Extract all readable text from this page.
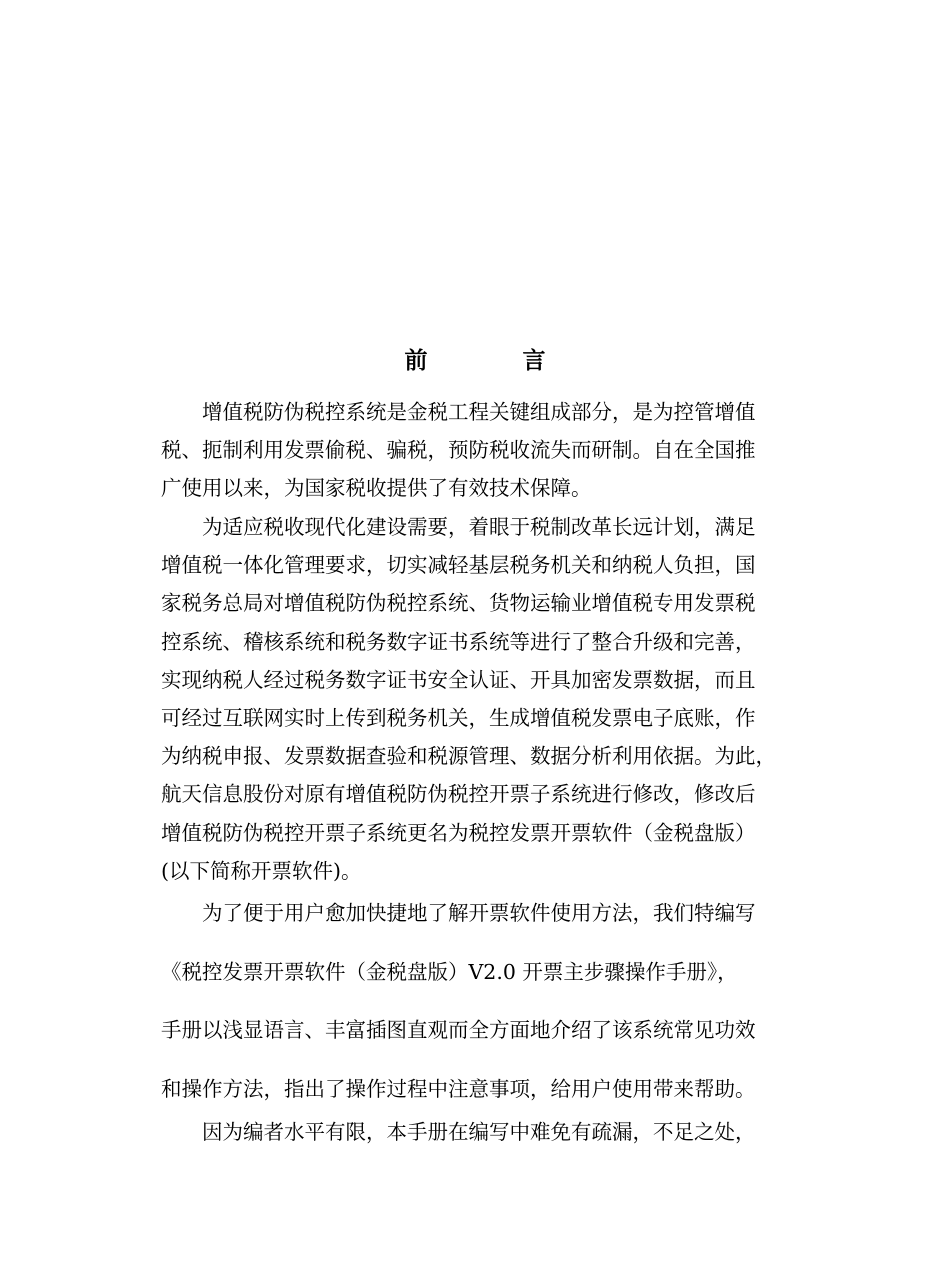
前　言
增值税防伪税控系统是金税工程关键组成部分，是为控管增值
税、扼制利用发票偷税、骗税，预防税收流失而研制。自在全国推
广使用以来，为国家税收提供了有效技术保障。
为适应税收现代化建设需要，着眼于税制改革长远计划，满足
增值税一体化管理要求，切实减轻基层税务机关和纳税人负担，国
家税务总局对增值税防伪税控系统、货物运输业增值税专用发票税
控系统、稽核系统和税务数字证书系统等进行了整合升级和完善，
实现纳税人经过税务数字证书安全认证、开具加密发票数据，而且
可经过互联网实时上传到税务机关，生成增值税发票电子底账，作
为纳税申报、发票数据查验和税源管理、数据分析利用依据。为此，
航天信息股份对原有增值税防伪税控开票子系统进行修改，修改后
增值税防伪税控开票子系统更名为税控发票开票软件（金税盘版）
(以下简称开票软件)。
为了便于用户愈加快捷地了解开票软件使用方法，我们特编写
《税控发票开票软件（金税盘版）V2.0 开票主步骤操作手册》，
手册以浅显语言、丰富插图直观而全方面地介绍了该系统常见功效
和操作方法，指出了操作过程中注意事项，给用户使用带来帮助。
因为编者水平有限，本手册在编写中难免有疏漏，不足之处，
